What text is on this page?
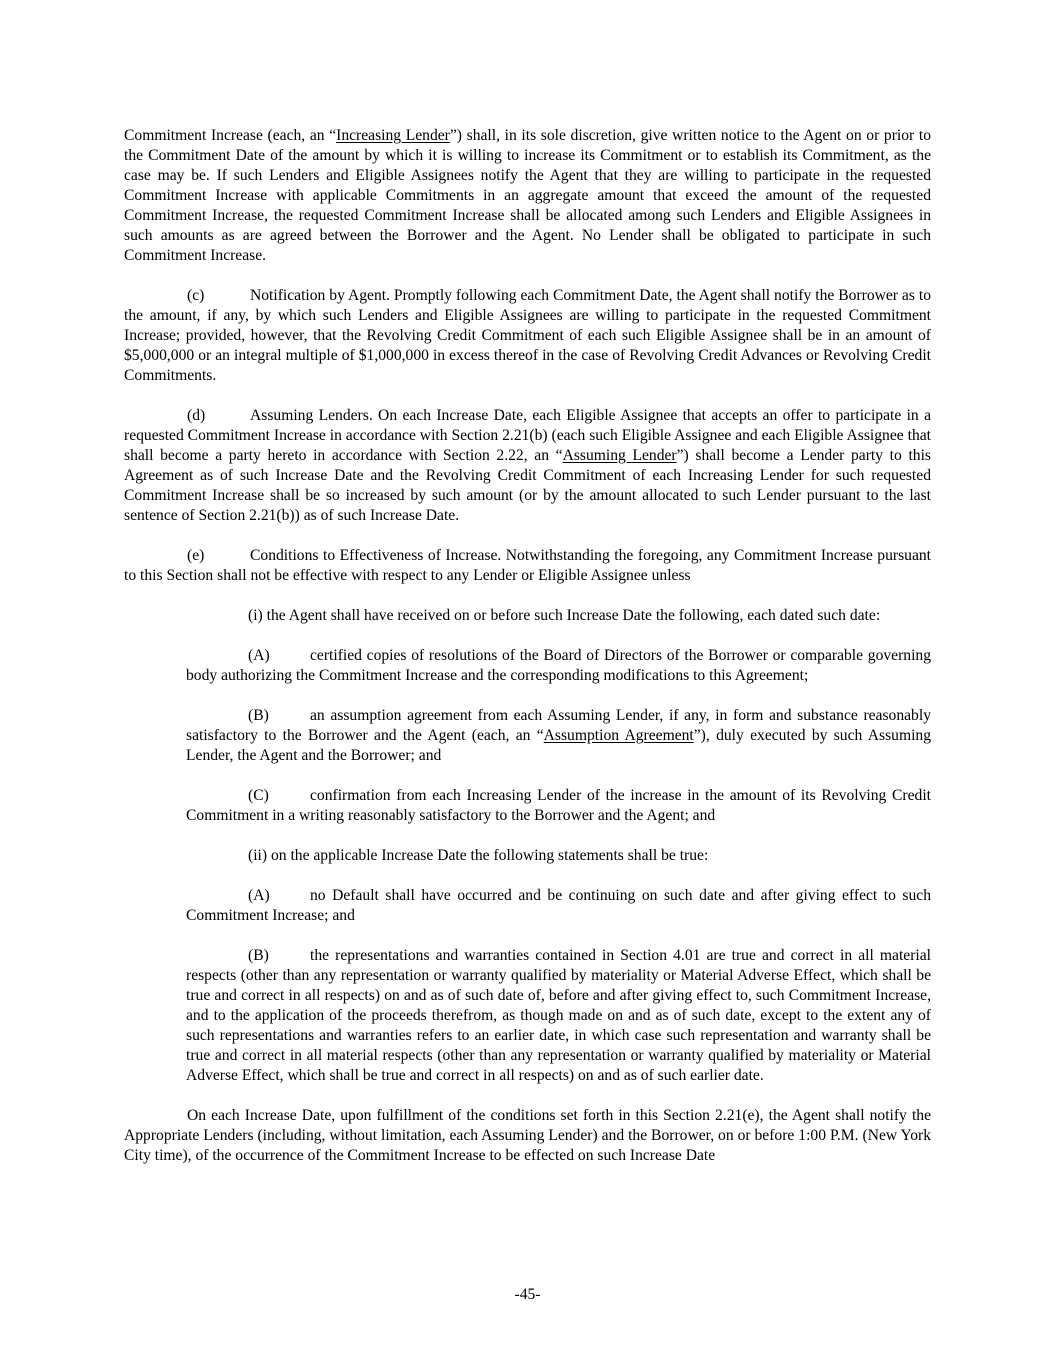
Commitment Increase (each, an “Increasing Lender”) shall, in its sole discretion, give written notice to the Agent on or prior to the Commitment Date of the amount by which it is willing to increase its Commitment or to establish its Commitment, as the case may be. If such Lenders and Eligible Assignees notify the Agent that they are willing to participate in the requested Commitment Increase with applicable Commitments in an aggregate amount that exceed the amount of the requested Commitment Increase, the requested Commitment Increase shall be allocated among such Lenders and Eligible Assignees in such amounts as are agreed between the Borrower and the Agent. No Lender shall be obligated to participate in such Commitment Increase.

(c)	Notification by Agent. Promptly following each Commitment Date, the Agent shall notify the Borrower as to the amount, if any, by which such Lenders and Eligible Assignees are willing to participate in the requested Commitment Increase; provided, however, that the Revolving Credit Commitment of each such Eligible Assignee shall be in an amount of $5,000,000 or an integral multiple of $1,000,000 in excess thereof in the case of Revolving Credit Advances or Revolving Credit Commitments.

(d)	Assuming Lenders. On each Increase Date, each Eligible Assignee that accepts an offer to participate in a requested Commitment Increase in accordance with Section 2.21(b) (each such Eligible Assignee and each Eligible Assignee that shall become a party hereto in accordance with Section 2.22, an “Assuming Lender”) shall become a Lender party to this Agreement as of such Increase Date and the Revolving Credit Commitment of each Increasing Lender for such requested Commitment Increase shall be so increased by such amount (or by the amount allocated to such Lender pursuant to the last sentence of Section 2.21(b)) as of such Increase Date.

(e)	Conditions to Effectiveness of Increase. Notwithstanding the foregoing, any Commitment Increase pursuant to this Section shall not be effective with respect to any Lender or Eligible Assignee unless

(i) the Agent shall have received on or before such Increase Date the following, each dated such date:

(A)	certified copies of resolutions of the Board of Directors of the Borrower or comparable governing body authorizing the Commitment Increase and the corresponding modifications to this Agreement;

(B)	an assumption agreement from each Assuming Lender, if any, in form and substance reasonably satisfactory to the Borrower and the Agent (each, an “Assumption Agreement”), duly executed by such Assuming Lender, the Agent and the Borrower; and

(C)	confirmation from each Increasing Lender of the increase in the amount of its Revolving Credit Commitment in a writing reasonably satisfactory to the Borrower and the Agent; and

(ii) on the applicable Increase Date the following statements shall be true:

(A)	no Default shall have occurred and be continuing on such date and after giving effect to such Commitment Increase; and

(B)	the representations and warranties contained in Section 4.01 are true and correct in all material respects (other than any representation or warranty qualified by materiality or Material Adverse Effect, which shall be true and correct in all respects) on and as of such date of, before and after giving effect to, such Commitment Increase, and to the application of the proceeds therefrom, as though made on and as of such date, except to the extent any of such representations and warranties refers to an earlier date, in which case such representation and warranty shall be true and correct in all material respects (other than any representation or warranty qualified by materiality or Material Adverse Effect, which shall be true and correct in all respects) on and as of such earlier date.

On each Increase Date, upon fulfillment of the conditions set forth in this Section 2.21(e), the Agent shall notify the Appropriate Lenders (including, without limitation, each Assuming Lender) and the Borrower, on or before 1:00 P.M. (New York City time), of the occurrence of the Commitment Increase to be effected on such Increase Date

-45-
